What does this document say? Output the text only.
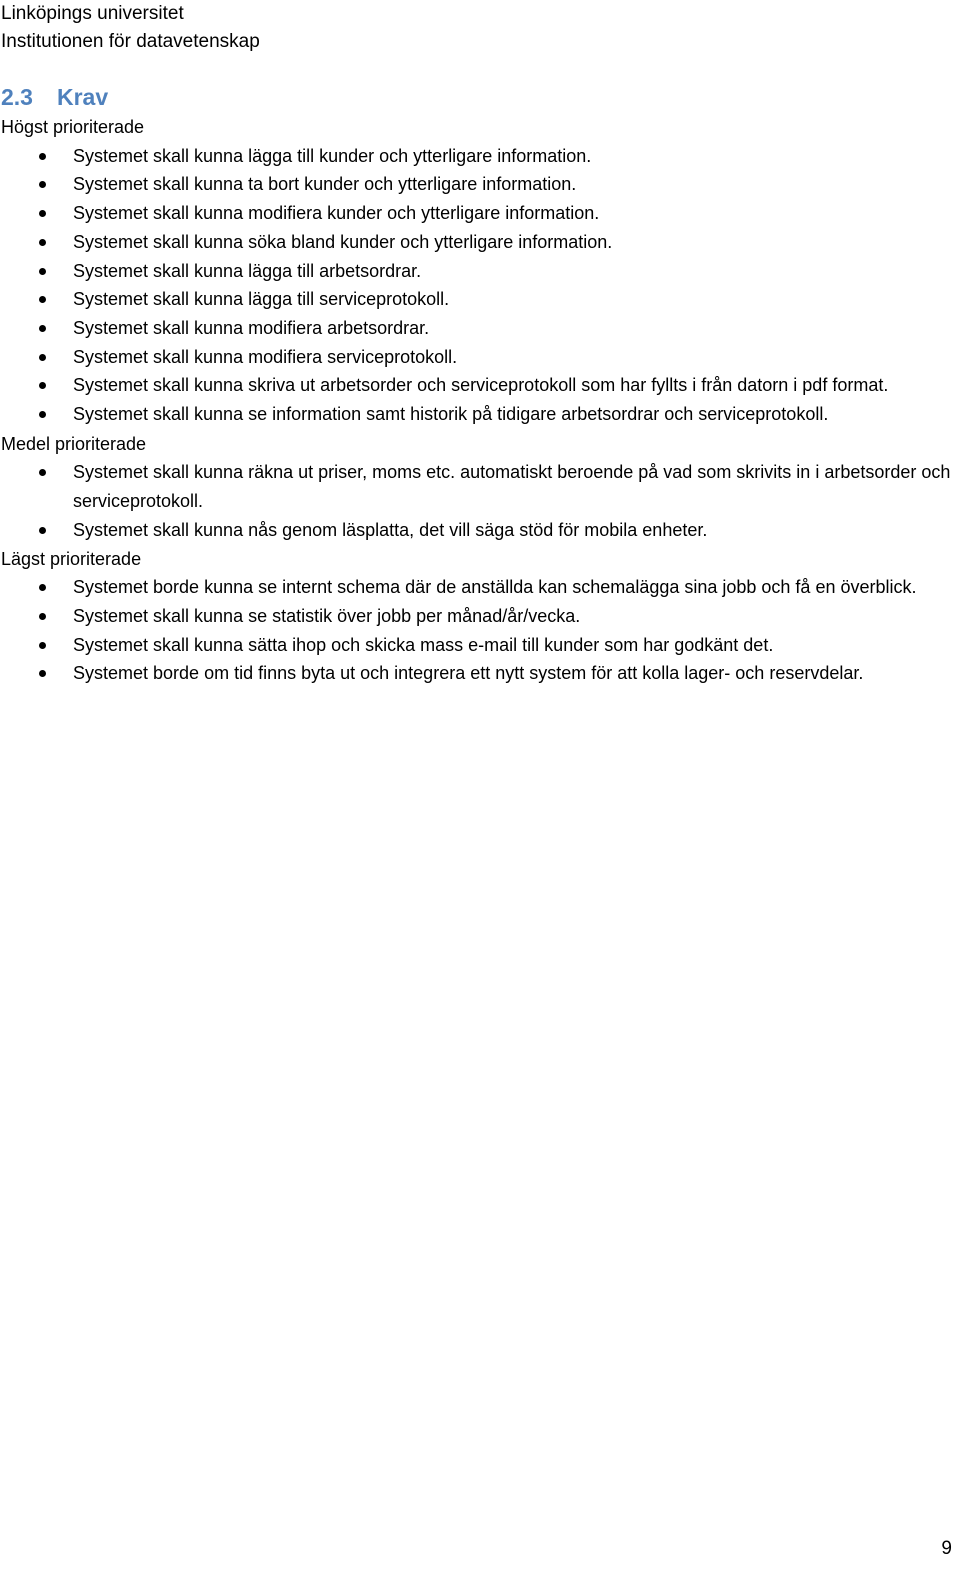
Linköpings universitet
Institutionen för datavetenskap
2.3 Krav
Högst prioriterade
Systemet skall kunna lägga till kunder och ytterligare information.
Systemet skall kunna ta bort kunder och ytterligare information.
Systemet skall kunna modifiera kunder och ytterligare information.
Systemet skall kunna söka bland kunder och ytterligare information.
Systemet skall kunna lägga till arbetsordrar.
Systemet skall kunna lägga till serviceprotokoll.
Systemet skall kunna modifiera arbetsordrar.
Systemet skall kunna modifiera serviceprotokoll.
Systemet skall kunna skriva ut arbetsorder och serviceprotokoll som har fyllts i från datorn i pdf format.
Systemet skall kunna se information samt historik på tidigare arbetsordrar och serviceprotokoll.
Medel prioriterade
Systemet skall kunna räkna ut priser, moms etc. automatiskt beroende på vad som skrivits in i arbetsorder och serviceprotokoll.
Systemet skall kunna nås genom läsplatta, det vill säga stöd för mobila enheter.
Lägst prioriterade
Systemet borde kunna se internt schema där de anställda kan schemalägga sina jobb och få en överblick.
Systemet skall kunna se statistik över jobb per månad/år/vecka.
Systemet skall kunna sätta ihop och skicka mass e-mail till kunder som har godkänt det.
Systemet borde om tid finns byta ut och integrera ett nytt system för att kolla lager- och reservdelar.
9
